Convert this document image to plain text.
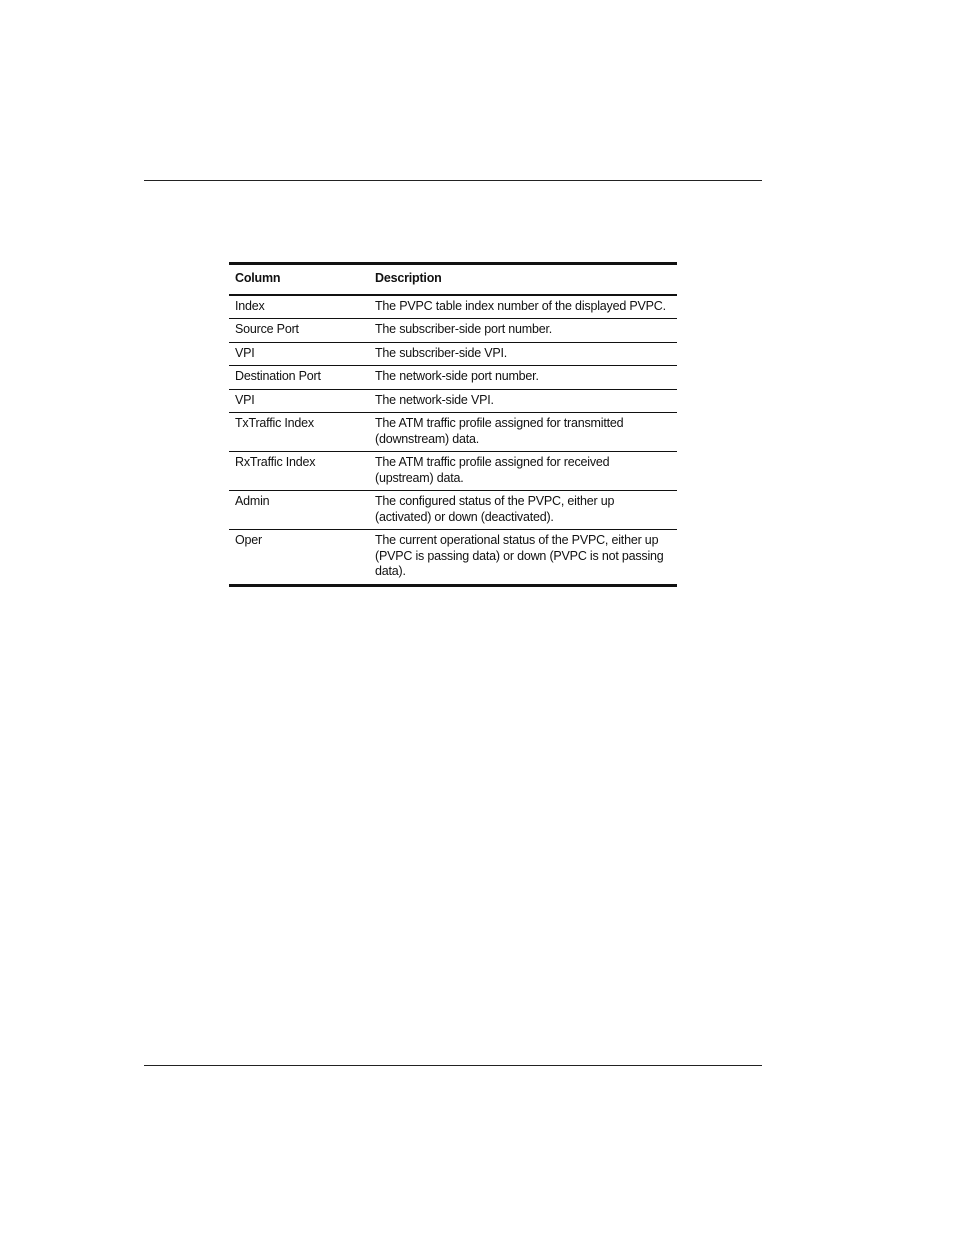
Column	Description
Index	The PVPC table index number of the displayed PVPC.
Source Port	The subscriber-side port number.
VPI	The subscriber-side VPI.
Destination Port	The network-side port number.
VPI	The network-side VPI.
TxTraffic Index	The ATM traffic profile assigned for transmitted (downstream) data.
RxTraffic Index	The ATM traffic profile assigned for received (upstream) data.
Admin	The configured status of the PVPC, either up (activated) or down (deactivated).
Oper	The current operational status of the PVPC, either up (PVPC is passing data) or down (PVPC is not passing data).
